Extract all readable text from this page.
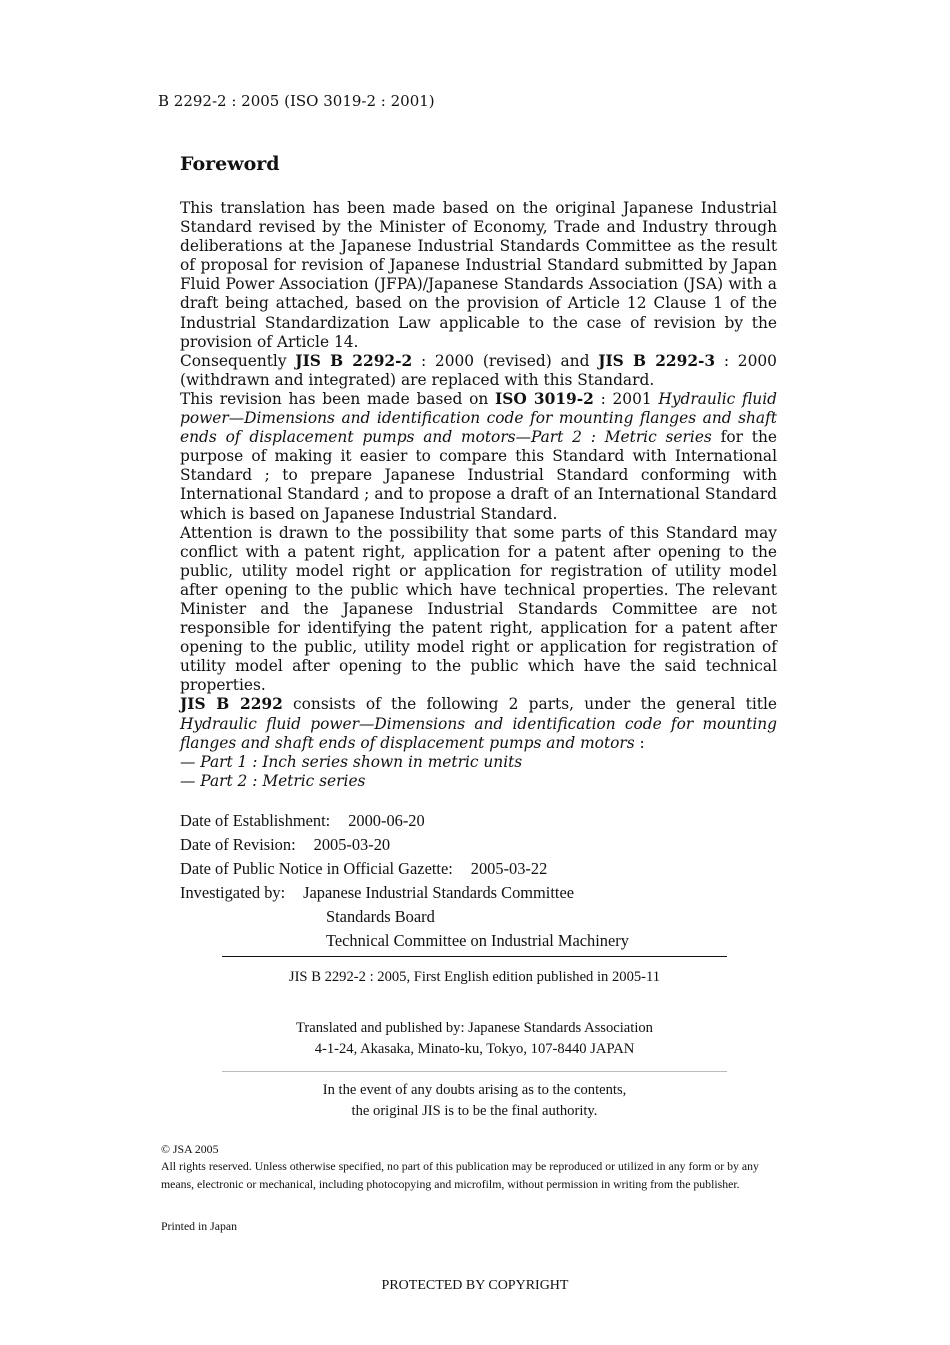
B 2292-2 : 2005 (ISO 3019-2 : 2001)
Foreword

This translation has been made based on the original Japanese Industrial Standard revised by the Minister of Economy, Trade and Industry through deliberations at the Japanese Industrial Standards Committee as the result of proposal for revision of Japanese Industrial Standard submitted by Japan Fluid Power Association (JFPA)/Japanese Standards Association (JSA) with a draft being attached, based on the provision of Article 12 Clause 1 of the Industrial Standardization Law applicable to the case of revision by the provision of Article 14.

Consequently JIS B 2292-2 : 2000 (revised) and JIS B 2292-3 : 2000 (withdrawn and integrated) are replaced with this Standard.

This revision has been made based on ISO 3019-2 : 2001 Hydraulic fluid power—Dimensions and identification code for mounting flanges and shaft ends of displacement pumps and motors—Part 2 : Metric series for the purpose of making it easier to compare this Standard with International Standard ; to prepare Japanese Industrial Standard conforming with International Standard ; and to propose a draft of an International Standard which is based on Japanese Industrial Standard.

Attention is drawn to the possibility that some parts of this Standard may conflict with a patent right, application for a patent after opening to the public, utility model right or application for registration of utility model after opening to the public which have technical properties. The relevant Minister and the Japanese Industrial Standards Committee are not responsible for identifying the patent right, application for a patent after opening to the public, utility model right or application for registration of utility model after opening to the public which have the said technical properties.

JIS B 2292 consists of the following 2 parts, under the general title Hydraulic fluid power—Dimensions and identification code for mounting flanges and shaft ends of displacement pumps and motors :

— Part 1 : Inch series shown in metric units

— Part 2 : Metric series

Date of Establishment: 2000-06-20
Date of Revision: 2005-03-20
Date of Public Notice in Official Gazette: 2005-03-22
Investigated by: Japanese Industrial Standards Committee
Standards Board
Technical Committee on Industrial Machinery
JIS B 2292-2 : 2005, First English edition published in 2005-11
Translated and published by: Japanese Standards Association
4-1-24, Akasaka, Minato-ku, Tokyo, 107-8440 JAPAN
In the event of any doubts arising as to the contents,
the original JIS is to be the final authority.
© JSA 2005
All rights reserved. Unless otherwise specified, no part of this publication may be reproduced or utilized in any form or by any means, electronic or mechanical, including photocopying and microfilm, without permission in writing from the publisher.
Printed in Japan
PROTECTED BY COPYRIGHT
